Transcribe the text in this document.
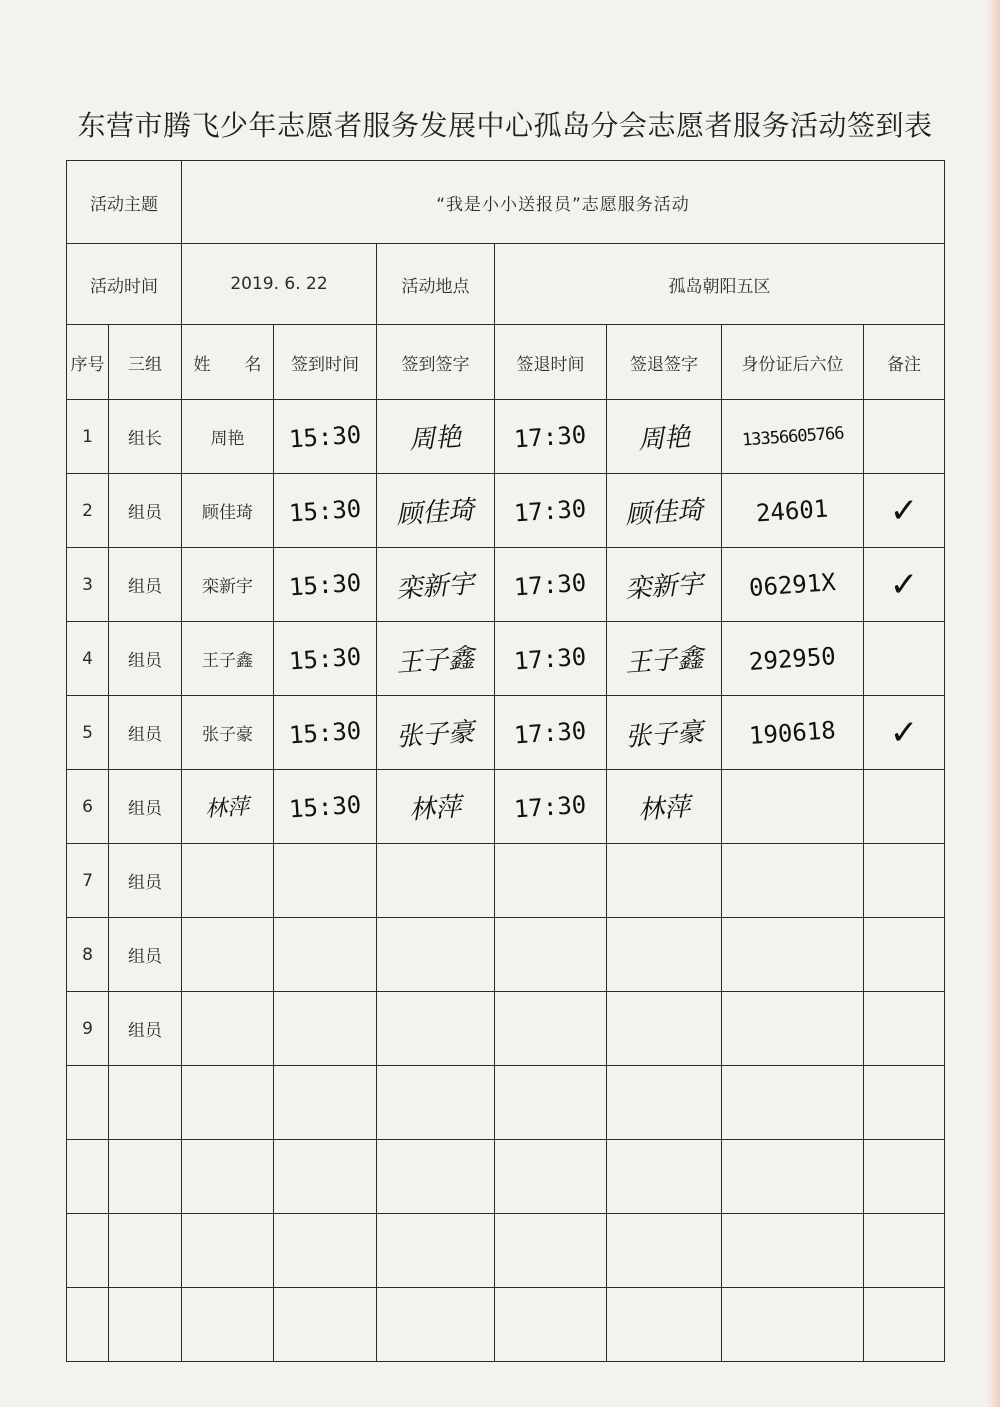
东营市腾飞少年志愿者服务发展中心孤岛分会志愿者服务活动签到表
活动主题		“我是小小送报员”志愿服务活动						
活动时间		2019. 6. 22		活动地点	孤岛朝阳五区			
序号	三组	姓　　名	签到时间	签到签字	签退时间	签退签字	身份证后六位	备注
1	组长	周艳	15:30	周艳	17:30	周艳	13356605766	
2	组员	顾佳琦	15:30	顾佳琦	17:30	顾佳琦	24601	✓
3	组员	栾新宇	15:30	栾新宇	17:30	栾新宇	06291X	✓
4	组员	王子鑫	15:30	王子鑫	17:30	王子鑫	292950	
5	组员	张子豪	15:30	张子豪	17:30	张子豪	190618	✓
6	组员	林萍	15:30	林萍	17:30	林萍		
7	组员							
8	组员							
9	组员							
